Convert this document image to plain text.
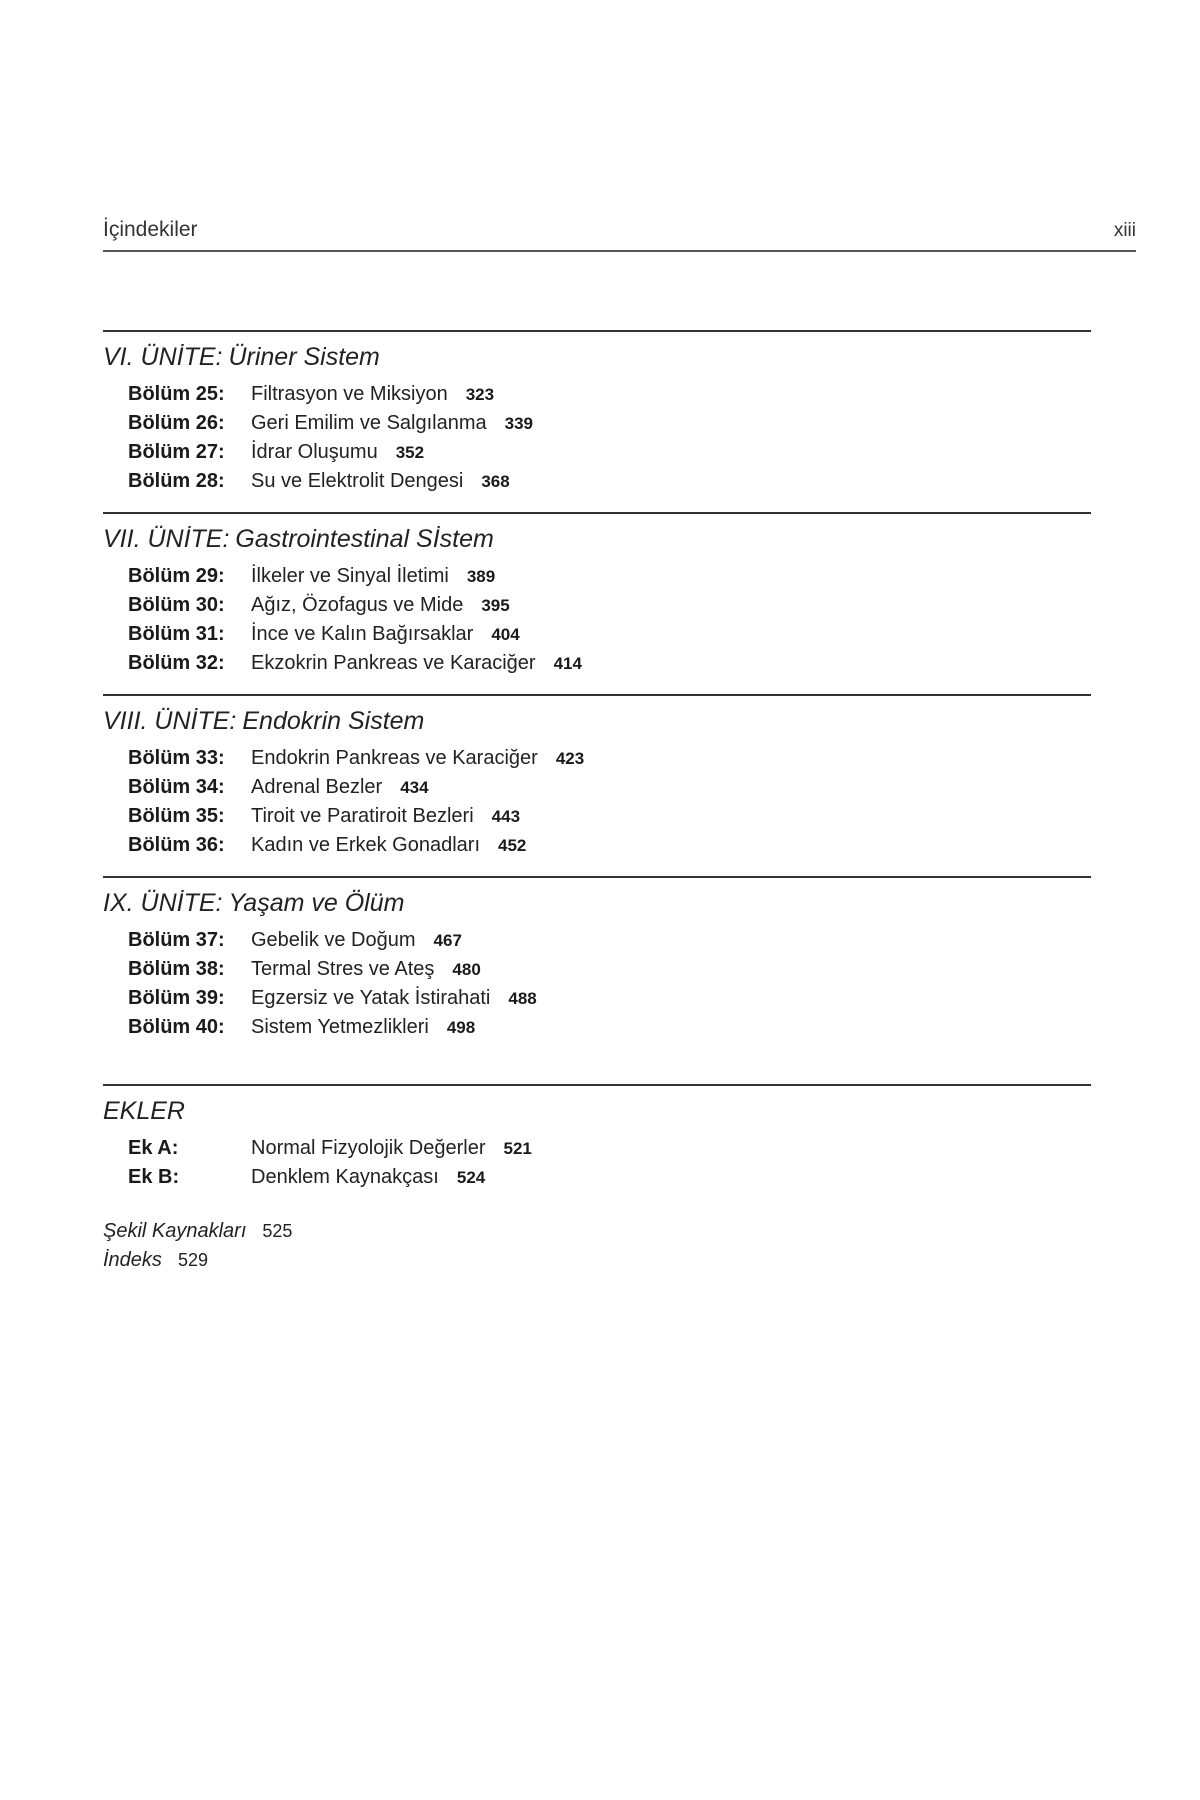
İçindekiler	xiii
VI. ÜNİTE: Üriner Sistem
Bölüm 25: Filtrasyon ve Miksiyon 323
Bölüm 26: Geri Emilim ve Salgılanma 339
Bölüm 27: İdrar Oluşumu 352
Bölüm 28: Su ve Elektrolit Dengesi 368
VII. ÜNİTE: Gastrointestinal Sİstem
Bölüm 29: İlkeler ve Sinyal İletimi 389
Bölüm 30: Ağız, Özofagus ve Mide 395
Bölüm 31: İnce ve Kalın Bağırsaklar 404
Bölüm 32: Ekzokrin Pankreas ve Karaciğer 414
VIII. ÜNİTE: Endokrin Sistem
Bölüm 33: Endokrin Pankreas ve Karaciğer 423
Bölüm 34: Adrenal Bezler 434
Bölüm 35: Tiroit ve Paratiroit Bezleri 443
Bölüm 36: Kadın ve Erkek Gonadları 452
IX. ÜNİTE: Yaşam ve Ölüm
Bölüm 37: Gebelik ve Doğum 467
Bölüm 38: Termal Stres ve Ateş 480
Bölüm 39: Egzersiz ve Yatak İstirahati 488
Bölüm 40: Sistem Yetmezlikleri 498
EKLER
Ek A:	Normal Fizyolojik Değerler 521
Ek B:	Denklem Kaynakçası 524
Şekil Kaynakları 525
İndeks 529
